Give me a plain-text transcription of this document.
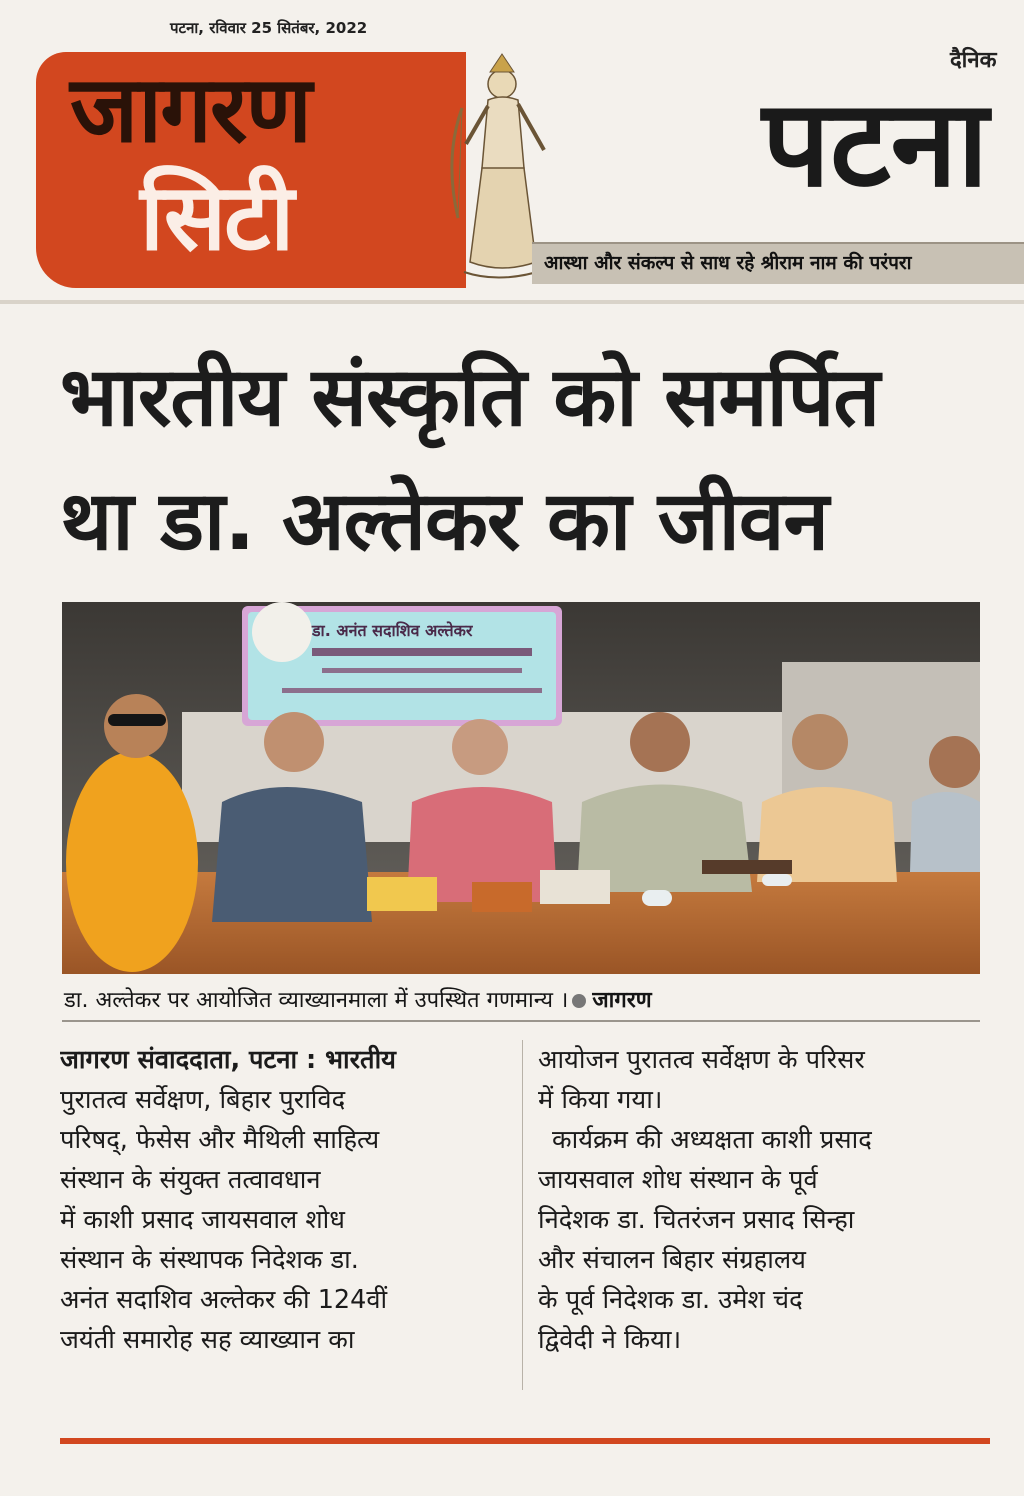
पटना, रविवार 25 सितंबर, 2022
जागरण
सिटी
दैनिक
पटना
आस्था और संकल्प से साध रहे श्रीराम नाम की परंपरा
भारतीय संस्कृति को समर्पित
था डा. अल्तेकर का जीवन
डा. अनंत सदाशिव अल्तेकर
डा. अल्तेकर पर आयोजित व्याख्यानमाला में उपस्थित गणमान्य । जागरण
जागरण संवाददाता, पटना : भारतीय
पुरातत्व सर्वेक्षण, बिहार पुराविद
परिषद्, फेसेस और मैथिली साहित्य
संस्थान के संयुक्त तत्वावधान
में काशी प्रसाद जायसवाल शोध
संस्थान के संस्थापक निदेशक डा.
अनंत सदाशिव अल्तेकर की 124वीं
जयंती समारोह सह व्याख्यान का
आयोजन पुरातत्व सर्वेक्षण के परिसर
में किया गया।
कार्यक्रम की अध्यक्षता काशी प्रसाद
जायसवाल शोध संस्थान के पूर्व
निदेशक डा. चितरंजन प्रसाद सिन्हा
और संचालन बिहार संग्रहालय
के पूर्व निदेशक डा. उमेश चंद
द्विवेदी ने किया।
